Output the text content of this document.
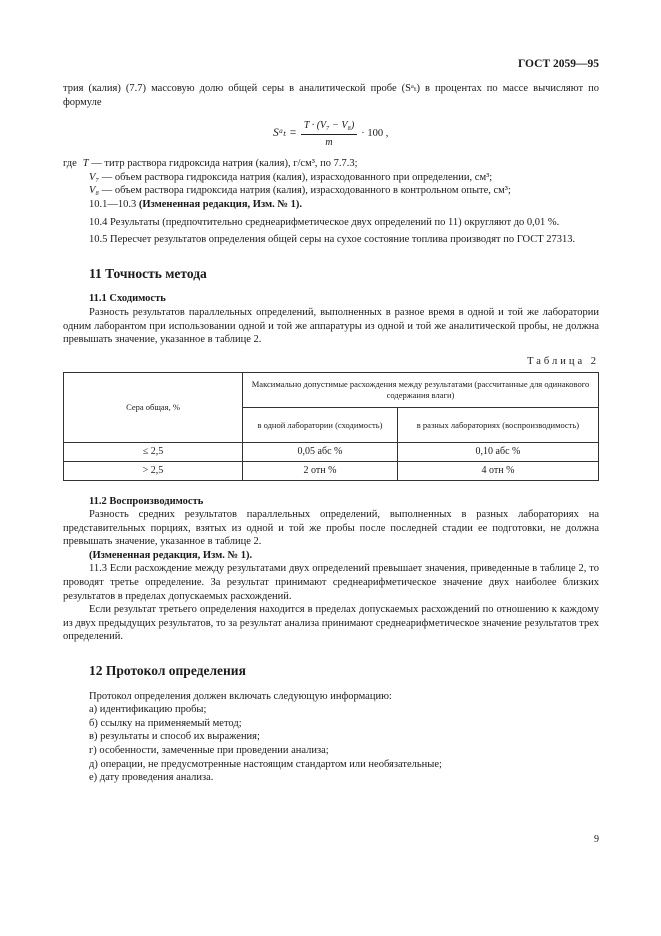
ГОСТ 2059—95

трия (калия) (7.7) массовую долю общей серы в аналитической пробе (Sᵃₜ) в процентах по массе вычисляют по формуле

Sᵃₜ = $\frac{\text{T · (V₇ − V₈)}}{m} \cdot 100$ ,

где T — титр раствора гидроксида натрия (калия), г/см³, по 7.7.3;

V₇ — объем раствора гидроксида натрия (калия), израсходованного при определении, см³;

V₈ — объем раствора гидроксида натрия (калия), израсходованного в контрольном опыте, см³;

10.1—10.3 (Измененная редакция, Изм. № 1).

10.4 Результаты (предпочтительно среднеарифметическое двух определений по 11) округляют до 0,01 %.

10.5 Пересчет результатов определения общей серы на сухое состояние топлива производят по ГОСТ 27313.

11 Точность метода
11.1 Сходимость

Разность результатов параллельных определений, выполненных в разное время в одной и той же лаборатории одним лаборантом при использовании одной и той же аппаратуры из одной и той же аналитической пробы, не должна превышать значение, указанное в таблице 2.

Таблица 2
Сера общая, %	Максимально допустимые расхождения между результатами (рассчитанные для одинакового содержания влаги)	
	в одной лаборатории (сходимость)	в разных лабораториях (воспроизводимость)
≤ 2,5	0,05 абс %	0,10 абс %
> 2,5	2 отн %	4 отн %
11.2 Воспроизводимость

Разность средних результатов параллельных определений, выполненных в разных лабораториях на представительных порциях, взятых из одной и той же пробы после последней стадии ее подготовки, не должна превышать значение, указанное в таблице 2.

(Измененная редакция, Изм. № 1).

11.3 Если расхождение между результатами двух определений превышает значения, приведенные в таблице 2, то проводят третье определение. За результат принимают среднеарифметическое значение двух наиболее близких результатов в пределах допускаемых расхождений.

Если результат третьего определения находится в пределах допускаемых расхождений по отношению к каждому из двух предыдущих результатов, то за результат анализа принимают среднеарифметическое значение результатов трех определений.

12 Протокол определения

Протокол определения должен включать следующую информацию:

а) идентификацию пробы;

б) ссылку на применяемый метод;

в) результаты и способ их выражения;

г) особенности, замеченные при проведении анализа;

д) операции, не предусмотренные настоящим стандартом или необязательные;

е) дату проведения анализа.

9
